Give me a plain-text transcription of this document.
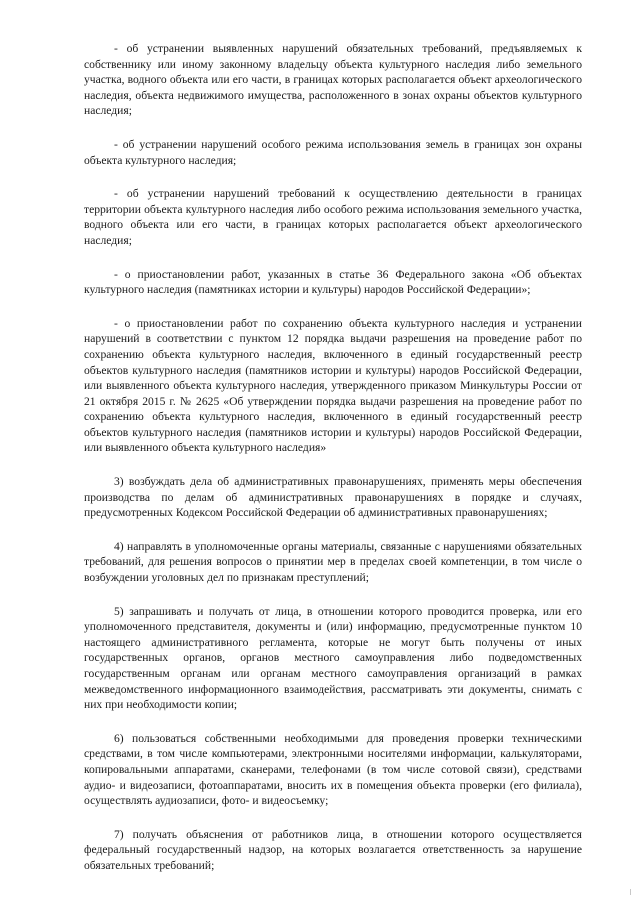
- об устранении выявленных нарушений обязательных требований, предъявляемых к собственнику или иному законному владельцу объекта культурного наследия либо земельного участка, водного объекта или его части, в границах которых располагается объект археологического наследия, объекта недвижимого имущества, расположенного в зонах охраны объектов культурного наследия;

- об устранении нарушений особого режима использования земель в границах зон охраны объекта культурного наследия;

- об устранении нарушений требований к осуществлению деятельности в границах территории объекта культурного наследия либо особого режима использования земельного участка, водного объекта или его части, в границах которых располагается объект археологического наследия;

- о приостановлении работ, указанных в статье 36 Федерального закона «Об объектах культурного наследия (памятниках истории и культуры) народов Российской Федерации»;

- о приостановлении работ по сохранению объекта культурного наследия и устранении нарушений в соответствии с пунктом 12 порядка выдачи разрешения на проведение работ по сохранению объекта культурного наследия, включенного в единый государственный реестр объектов культурного наследия (памятников истории и культуры) народов Российской Федерации, или выявленного объекта культурного наследия, утвержденного приказом Минкультуры России от 21 октября 2015 г. № 2625 «Об утверждении порядка выдачи разрешения на проведение работ по сохранению объекта культурного наследия, включенного в единый государственный реестр объектов культурного наследия (памятников истории и культуры) народов Российской Федерации, или выявленного объекта культурного наследия»

3) возбуждать дела об административных правонарушениях, применять меры обеспечения производства по делам об административных правонарушениях в порядке и случаях, предусмотренных Кодексом Российской Федерации об административных правонарушениях;

4) направлять в уполномоченные органы материалы, связанные с нарушениями обязательных требований, для решения вопросов о принятии мер в пределах своей компетенции, в том числе о возбуждении уголовных дел по признакам преступлений;

5) запрашивать и получать от лица, в отношении которого проводится проверка, или его уполномоченного представителя, документы и (или) информацию, предусмотренные пунктом 10 настоящего административного регламента, которые не могут быть получены от иных государственных органов, органов местного самоуправления либо подведомственных государственным органам или органам местного самоуправления организаций в рамках межведомственного информационного взаимодействия, рассматривать эти документы, снимать с них при необходимости копии;

6) пользоваться собственными необходимыми для проведения проверки техническими средствами, в том числе компьютерами, электронными носителями информации, калькуляторами, копировальными аппаратами, сканерами, телефонами (в том числе сотовой связи), средствами аудио- и видеозаписи, фотоаппаратами, вносить их в помещения объекта проверки (его филиала), осуществлять аудиозаписи, фото- и видеосъемку;

7) получать объяснения от работников лица, в отношении которого осуществляется федеральный государственный надзор, на которых возлагается ответственность за нарушение обязательных требований;
